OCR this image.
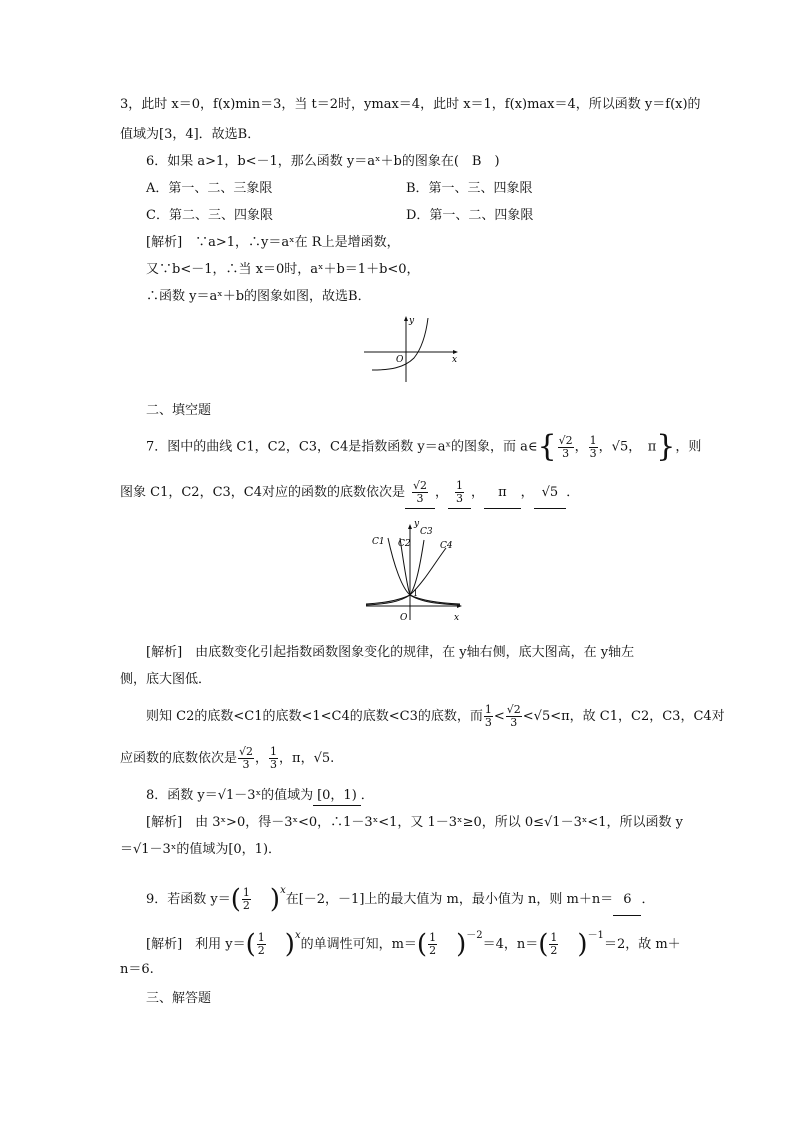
3，此时 x＝0，f(x)min＝3，当 t＝2时，ymax＝4，此时 x＝1，f(x)max＝4，所以函数 y＝f(x)的
值域为[3，4]．故选B．
6．如果 a>1，b<－1，那么函数 y＝aˣ＋b的图象在(　B　)
A．第一、二、三象限	B．第一、三、四象限
C．第二、三、四象限	D．第一、二、四象限
[解析]　∵a>1，∴y＝aˣ在 R上是增函数，
又∵b<－1，∴当 x＝0时，aˣ＋b＝1＋b<0，
∴函数 y＝aˣ＋b的图象如图，故选B．
y
x
O
二、填空题
7．图中的曲线 C1，C2，C3，C4是指数函数 y＝aˣ的图象，而 a∈{ $\frac{√2}{3}$ ， $\frac{1}{3}$ ，√5，　π}，则
图象 C1，C2，C3，C4对应的函数的底数依次是 $\frac{√2}{3}$ ， $\frac{1}{3}$ ， π ， √5 ．
C1 C2
C3
C4
y
x
O
1
[解析]　由底数变化引起指数函数图象变化的规律，在 y轴右侧，底大图高，在 y轴左
侧，底大图低．
则知 C2的底数<C1的底数<1<C4的底数<C3的底数，而 $\frac{1}{3} < \frac{√2}{3} <√5<\pi$，故 C1，C2，C3，C4对
应函数的底数依次是 $\frac{√2}{3}$ ， $\frac{1}{3}$ ，π，√5.
8．函数 y＝√1－3ˣ的值域为 [0，1) ．
[解析]　由 3ˣ>0，得－3ˣ<0，∴1－3ˣ<1，又 1－3ˣ≥0，所以 0≤√1－3ˣ<1，所以函数 y
＝√1－3ˣ的值域为[0，1)．
9．若函数 $y=( \frac{1}{2} )^x$在[－2，－1]上的最大值为 m，最小值为 n，则 m＋n＝ 6 ．
[解析]　利用 $y=( \frac{1}{2} )^x$的单调性可知，$m=( \frac{1}{2} )^{-2}=4$，$n=( \frac{1}{2} )^{-1}=2$，故 m＋
n＝6.
三、解答题
